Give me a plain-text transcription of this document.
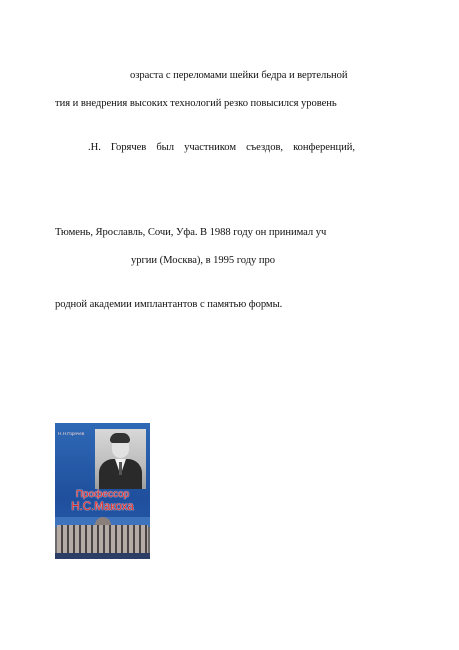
озраста с переломами шейки бедра и вертельной
тия и внедрения высоких технологий резко повысился уровень
.Н. Горячев был участником съездов, конференций,
Тюмень, Ярославль, Сочи, Уфа. В 1988 году он принимал уч
ургии (Москва), в 1995 году про
родной академии имплантантов с памятью формы.
Н.Н.Горячев
Профессор
Н.С.Макоха
